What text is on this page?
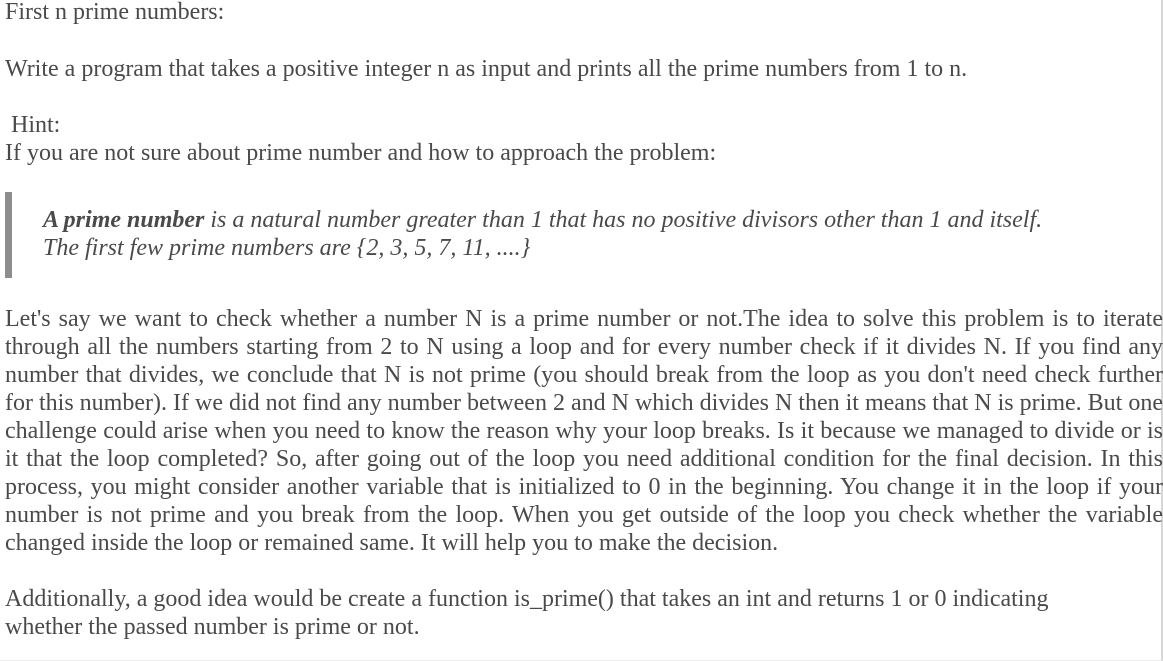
First n prime numbers:

Write a program that takes a positive integer n as input and prints all the prime numbers from 1 to n.

Hint:

If you are not sure about prime number and how to approach the problem:

A prime number is a natural number greater than 1 that has no positive divisors other than 1 and itself.
The first few prime numbers are {2, 3, 5, 7, 11, ....}

Let's say we want to check whether a number N is a prime number or not.The idea to solve this problem is to iterate through all the numbers starting from 2 to N using a loop and for every number check if it divides N. If you find any number that divides, we conclude that N is not prime (you should break from the loop as you don't need check further for this number). If we did not find any number between 2 and N which divides N then it means that N is prime. But one challenge could arise when you need to know the reason why your loop breaks. Is it because we managed to divide or is it that the loop completed? So, after going out of the loop you need additional condition for the final decision. In this process, you might consider another variable that is initialized to 0 in the beginning. You change it in the loop if your number is not prime and you break from the loop. When you get outside of the loop you check whether the variable changed inside the loop or remained same. It will help you to make the decision.

Additionally, a good idea would be create a function is_prime() that takes an int and returns 1 or 0 indicating whether the passed number is prime or not.
